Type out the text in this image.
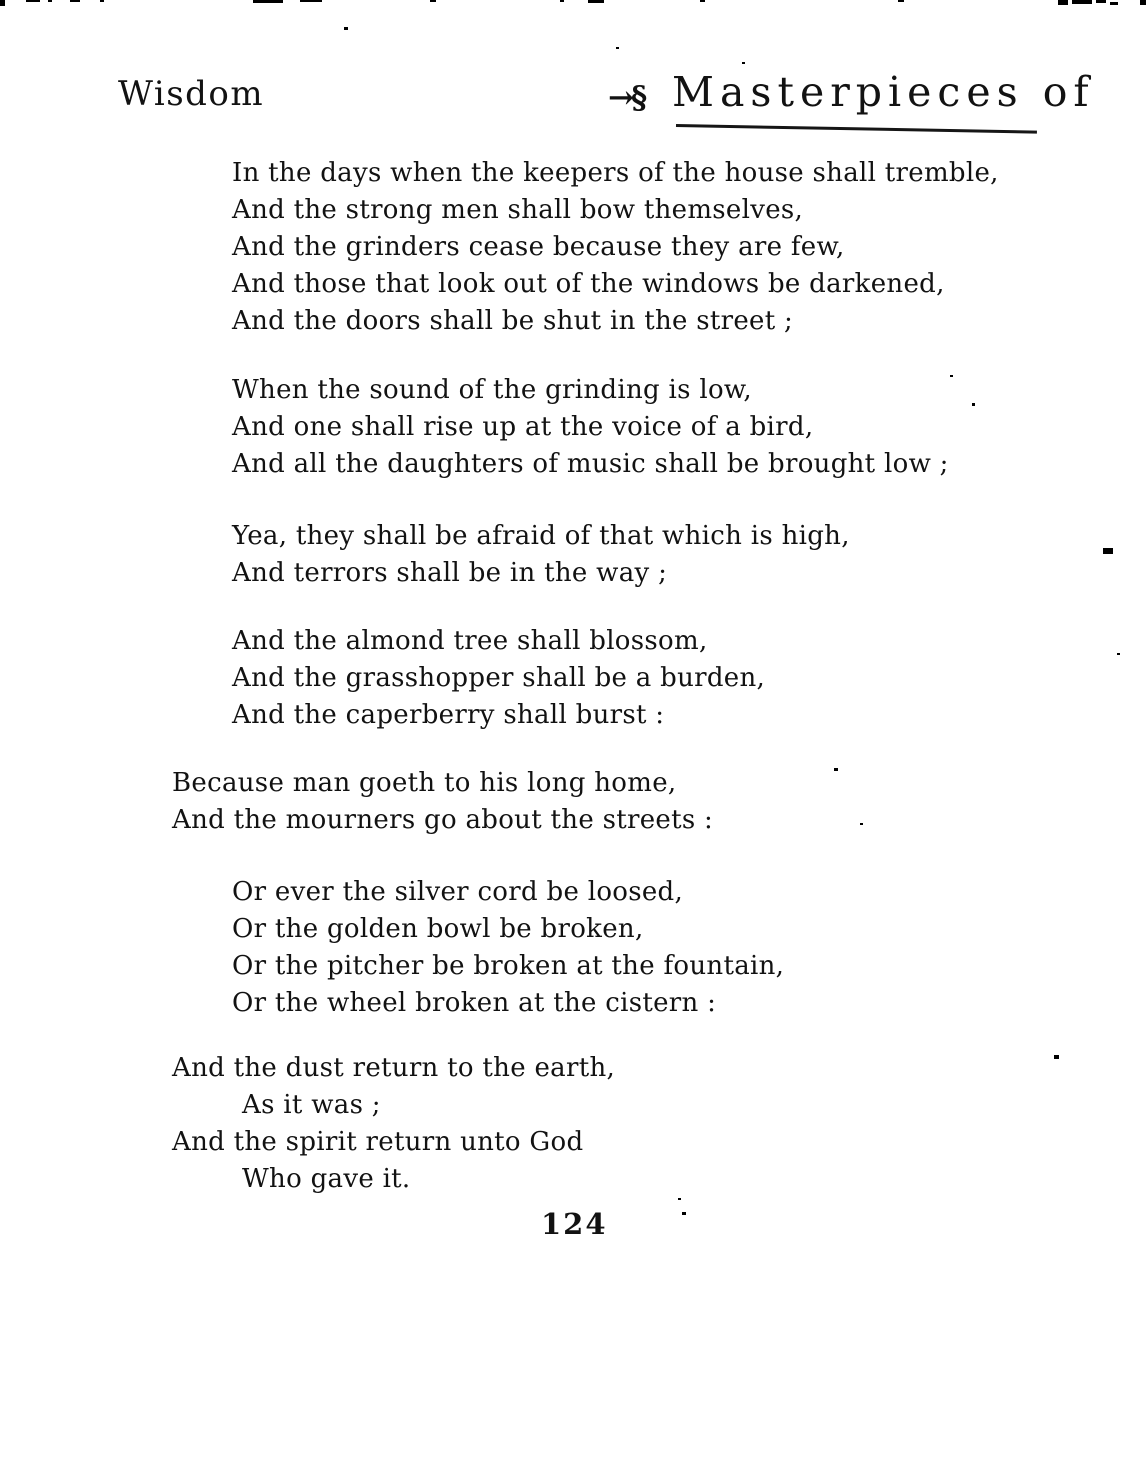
Wisdom	→§ Masterpieces of
In the days when the keepers of the house shall tremble,
And the strong men shall bow themselves,
And the grinders cease because they are few,
And those that look out of the windows be darkened,
And the doors shall be shut in the street ;
When the sound of the grinding is low,
And one shall rise up at the voice of a bird,
And all the daughters of music shall be brought low ;
Yea, they shall be afraid of that which is high,
And terrors shall be in the way ;
And the almond tree shall blossom,
And the grasshopper shall be a burden,
And the caperberry shall burst :
Because man goeth to his long home,
And the mourners go about the streets :
Or ever the silver cord be loosed,
Or the golden bowl be broken,
Or the pitcher be broken at the fountain,
Or the wheel broken at the cistern :
And the dust return to the earth,
As it was ;
And the spirit return unto God
Who gave it.
124
